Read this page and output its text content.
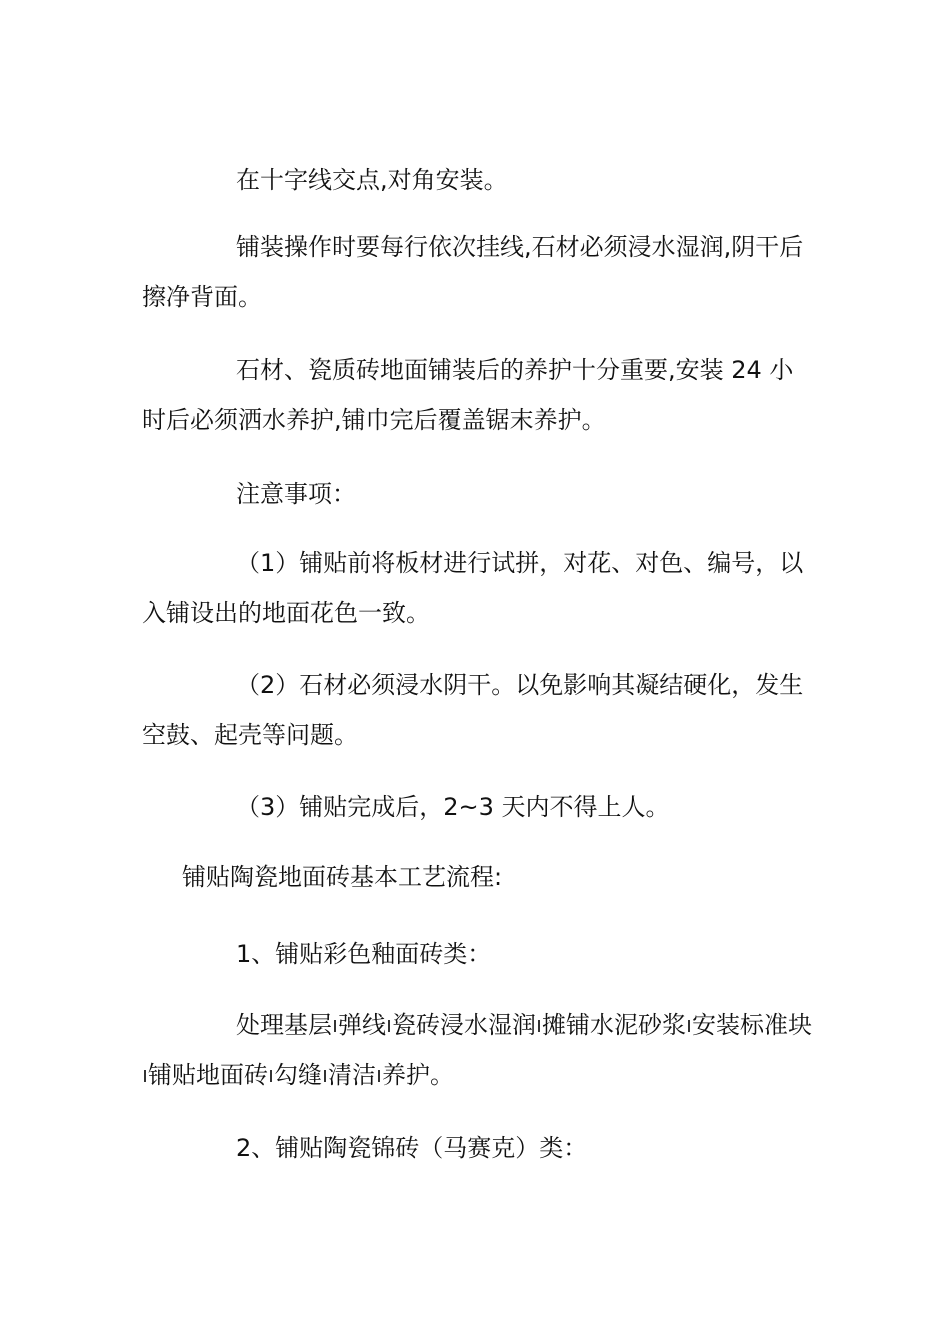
在十字线交点,对角安装。

铺装操作时要每行依次挂线,石材必须浸水湿润,阴干后擦净背面。

石材、瓷质砖地面铺装后的养护十分重要,安装 24 小时后必须洒水养护,铺巾完后覆盖锯末养护。

注意事项：

（1）铺贴前将板材进行试拼，对花、对色、编号，以入铺设出的地面花色一致。

（2）石材必须浸水阴干。以免影响其凝结硬化，发生空鼓、起壳等问题。

（3）铺贴完成后，2~3 天内不得上人。

铺贴陶瓷地面砖基本工艺流程:

1、铺贴彩色釉面砖类：

处理基层 弹线 瓷砖浸水湿润 摊铺水泥砂浆 安装标准块铺贴地面砖 勾缝 清洁 养护。

2、铺贴陶瓷锦砖（马赛克）类：
